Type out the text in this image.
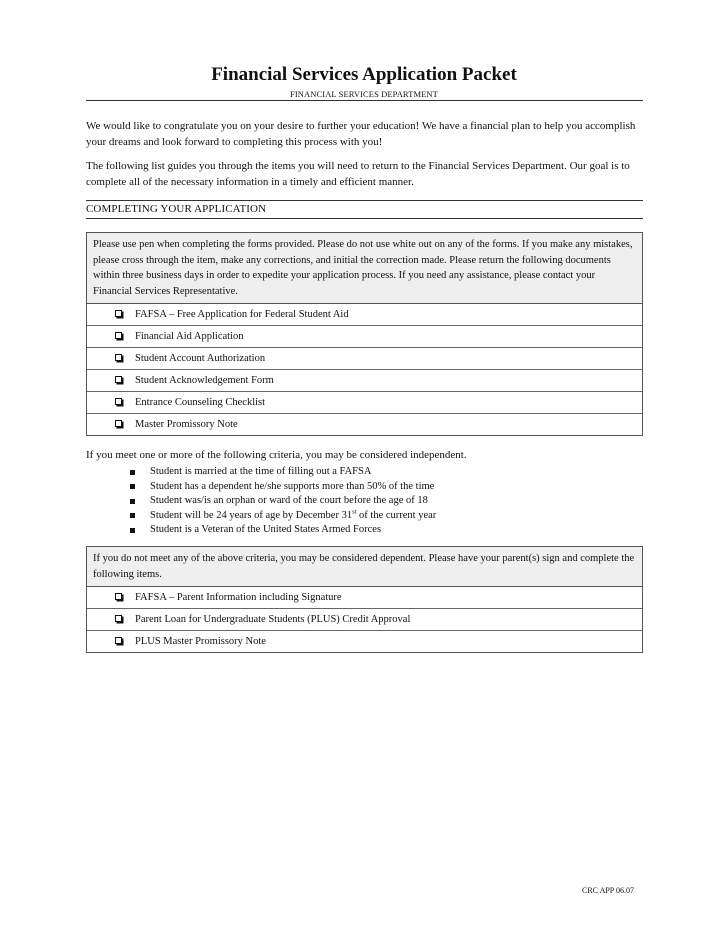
Financial Services Application Packet
FINANCIAL SERVICES DEPARTMENT
We would like to congratulate you on your desire to further your education! We have a financial plan to help you accomplish your dreams and look forward to completing this process with you!
The following list guides you through the items you will need to return to the Financial Services Department. Our goal is to complete all of the necessary information in a timely and efficient manner.
COMPLETING YOUR APPLICATION
Please use pen when completing the forms provided. Please do not use white out on any of the forms. If you make any mistakes, please cross through the item, make any corrections, and initial the correction made. Please return the following documents within three business days in order to expedite your application process. If you need any assistance, please contact your Financial Services Representative.
FAFSA – Free Application for Federal Student Aid
Financial Aid Application
Student Account Authorization
Student Acknowledgement Form
Entrance Counseling Checklist
Master Promissory Note
If you meet one or more of the following criteria, you may be considered independent.
Student is married at the time of filling out a FAFSA
Student has a dependent he/she supports more than 50% of the time
Student was/is an orphan or ward of the court before the age of 18
Student will be 24 years of age by December 31st of the current year
Student is a Veteran of the United States Armed Forces
If you do not meet any of the above criteria, you may be considered dependent. Please have your parent(s) sign and complete the following items.
FAFSA – Parent Information including Signature
Parent Loan for Undergraduate Students (PLUS) Credit Approval
PLUS Master Promissory Note
CRC APP 06.07
